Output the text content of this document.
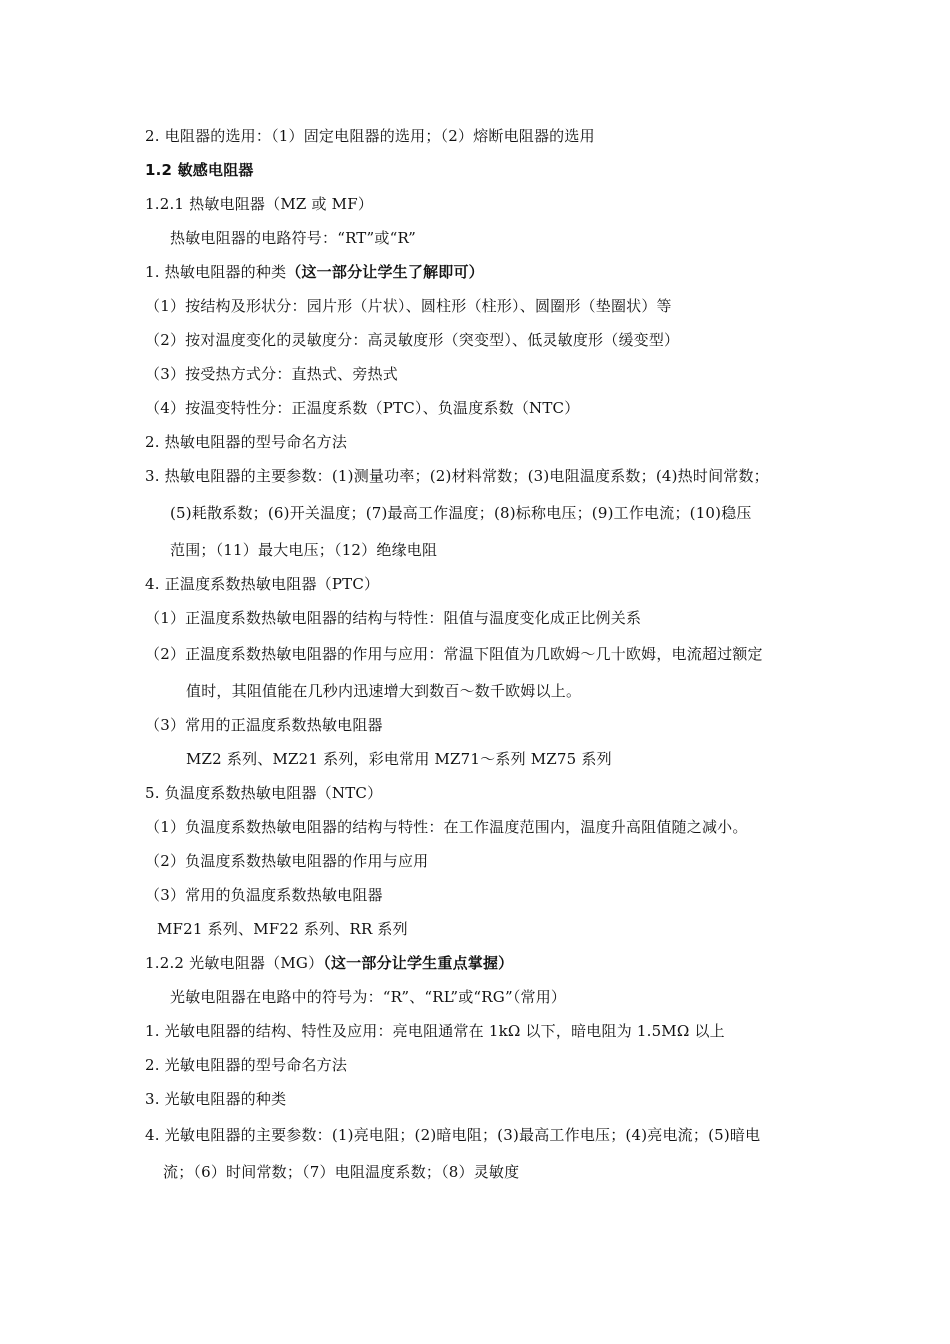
2. 电阻器的选用：（1）固定电阻器的选用；（2）熔断电阻器的选用
1.2 敏感电阻器
1.2.1 热敏电阻器（MZ 或 MF）
热敏电阻器的电路符号：“RT”或“R”
1. 热敏电阻器的种类（这一部分让学生了解即可）
（1）按结构及形状分：园片形（片状）、圆柱形（柱形）、圆圈形（垫圈状）等
（2）按对温度变化的灵敏度分：高灵敏度形（突变型）、低灵敏度形（缓变型）
（3）按受热方式分：直热式、旁热式
（4）按温变特性分：正温度系数（PTC）、负温度系数（NTC）
2. 热敏电阻器的型号命名方法
3. 热敏电阻器的主要参数：(1)测量功率；(2)材料常数；(3)电阻温度系数；(4)热时间常数；
(5)耗散系数；(6)开关温度；(7)最高工作温度；(8)标称电压；(9)工作电流；(10)稳压
范围；（11）最大电压；（12）绝缘电阻
4. 正温度系数热敏电阻器（PTC）
（1）正温度系数热敏电阻器的结构与特性：阻值与温度变化成正比例关系
（2）正温度系数热敏电阻器的作用与应用：常温下阻值为几欧姆～几十欧姆，电流超过额定
值时，其阻值能在几秒内迅速增大到数百～数千欧姆以上。
（3）常用的正温度系数热敏电阻器
MZ2 系列、MZ21 系列，彩电常用 MZ71～系列 MZ75 系列
5. 负温度系数热敏电阻器（NTC）
（1）负温度系数热敏电阻器的结构与特性：在工作温度范围内，温度升高阻值随之减小。
（2）负温度系数热敏电阻器的作用与应用
（3）常用的负温度系数热敏电阻器
MF21 系列、MF22 系列、RR 系列
1.2.2 光敏电阻器（MG）（这一部分让学生重点掌握）
光敏电阻器在电路中的符号为：“R”、“RL”或“RG”（常用）
1. 光敏电阻器的结构、特性及应用：亮电阻通常在 1kΩ 以下，暗电阻为 1.5MΩ 以上
2. 光敏电阻器的型号命名方法
3. 光敏电阻器的种类
4. 光敏电阻器的主要参数：(1)亮电阻；(2)暗电阻；(3)最高工作电压；(4)亮电流；(5)暗电
流；（6）时间常数；（7）电阻温度系数；（8）灵敏度
